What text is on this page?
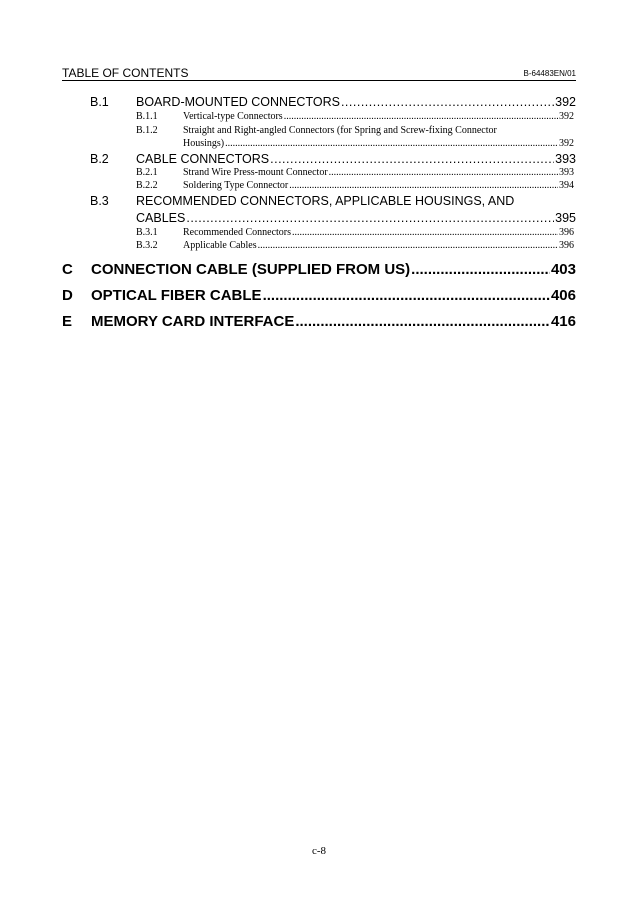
TABLE OF CONTENTS	B-64483EN/01
B.1	BOARD-MOUNTED CONNECTORS .....	392
B.1.1	Vertical-type Connectors .....	392
B.1.2	Straight and Right-angled Connectors (for Spring and Screw-fixing Connector
Housings) .....	392
B.2	CABLE CONNECTORS .....	393
B.2.1	Strand Wire Press-mount Connector .....	393
B.2.2	Soldering Type Connector .....	394
B.3	RECOMMENDED CONNECTORS, APPLICABLE HOUSINGS, AND
CABLES .....	395
B.3.1	Recommended Connectors .....	396
B.3.2	Applicable Cables .....	396
C	CONNECTION CABLE (SUPPLIED FROM US) .....	403
D	OPTICAL FIBER CABLE .....	406
E	MEMORY CARD INTERFACE .....	416
c-8
